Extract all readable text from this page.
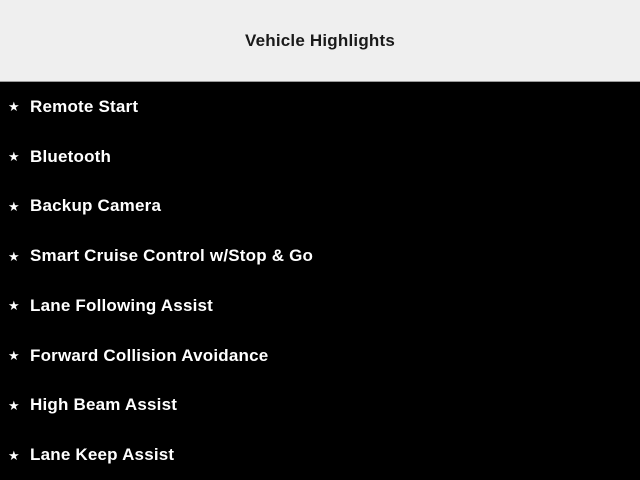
Vehicle Highlights
★ Remote Start
★ Bluetooth
★ Backup Camera
★ Smart Cruise Control w/Stop & Go
★ Lane Following Assist
★ Forward Collision Avoidance
★ High Beam Assist
★ Lane Keep Assist
